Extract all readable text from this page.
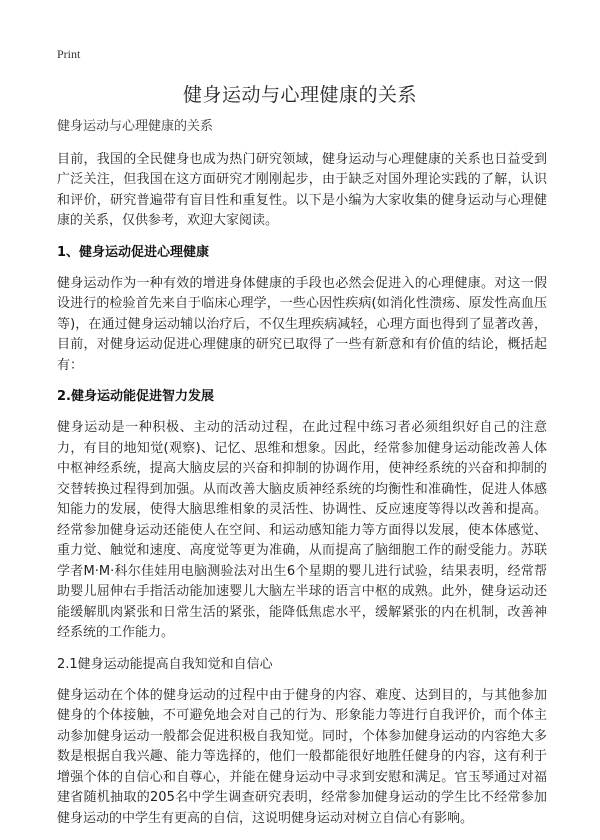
Print
健身运动与心理健康的关系

健身运动与心理健康的关系

目前，我国的全民健身也成为热门研究领域，健身运动与心理健康的关系也日益受到广泛关注，但我国在这方面研究才刚刚起步，由于缺乏对国外理论实践的了解，认识和评价，研究普遍带有盲目性和重复性。以下是小编为大家收集的健身运动与心理健康的关系，仅供参考，欢迎大家阅读。

1、健身运动促进心理健康

健身运动作为一种有效的增进身体健康的手段也必然会促进入的心理健康。对这一假设进行的检验首先来自于临床心理学，一些心因性疾病(如消化性溃疡、原发性高血压等)，在通过健身运动辅以治疗后，不仅生理疾病减轻，心理方面也得到了显著改善，目前，对健身运动促进心理健康的研究已取得了一些有新意和有价值的结论，概括起有：

2.健身运动能促进智力发展

健身运动是一种积极、主动的活动过程，在此过程中练习者必须组织好自己的注意力，有目的地知觉(观察)、记忆、思维和想象。因此，经常参加健身运动能改善人体中枢神经系统，提高大脑皮层的兴奋和抑制的协调作用，使神经系统的兴奋和抑制的交替转换过程得到加强。从而改善大脑皮质神经系统的均衡性和准确性，促进人体感知能力的发展，使得大脑思维相象的灵活性、协调性、反应速度等得以改善和提高。经常参加健身运动还能使人在空间、和运动感知能力等方面得以发展，使本体感觉、重力觉、触觉和速度、高度觉等更为准确，从而提高了脑细胞工作的耐受能力。苏联学者M·M·科尔佳娃用电脑测验法对出生6个星期的婴儿进行试验，结果表明，经常帮助婴儿屈伸右手指活动能加速婴儿大脑左半球的语言中枢的成熟。此外，健身运动还能缓解肌肉紧张和日常生活的紧张，能降低焦虑水平，缓解紧张的内在机制，改善神经系统的工作能力。

2.1健身运动能提高自我知觉和自信心

健身运动在个体的健身运动的过程中由于健身的内容、难度、达到目的，与其他参加健身的个体接触，不可避免地会对自己的行为、形象能力等进行自我评价，而个体主动参加健身运动一般都会促进积极自我知觉。同时，个体参加健身运动的内容绝大多数是根据自我兴趣、能力等选择的，他们一般都能很好地胜任健身的内容，这有利于增强个体的自信心和自尊心，并能在健身运动中寻求到安慰和满足。官玉琴通过对福建省随机抽取的205名中学生调查研究表明，经常参加健身运动的学生比不经常参加健身运动的中学生有更高的自信，这说明健身运动对树立自信心有影响。
